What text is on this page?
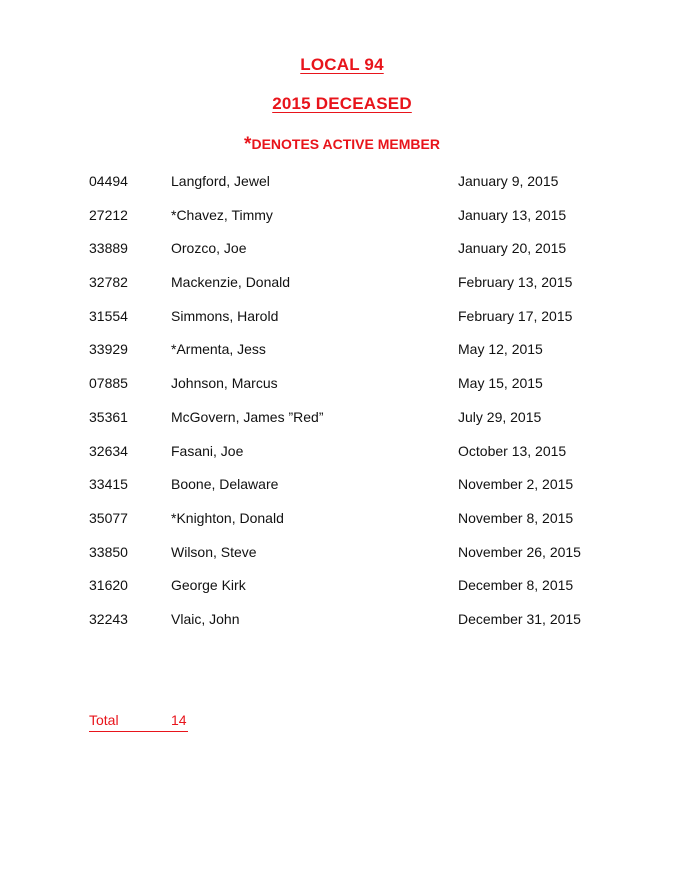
LOCAL 94
2015 DECEASED
*DENOTES ACTIVE MEMBER
04494	Langford, Jewel	January 9, 2015
27212	*Chavez, Timmy	January 13, 2015
33889	Orozco, Joe	January 20, 2015
32782	Mackenzie, Donald	February 13, 2015
31554	Simmons, Harold	February 17, 2015
33929	*Armenta, Jess	May 12, 2015
07885	Johnson, Marcus	May 15, 2015
35361	McGovern, James ”Red”	July 29, 2015
32634	Fasani, Joe	October 13, 2015
33415	Boone, Delaware	November 2, 2015
35077	*Knighton, Donald	November 8, 2015
33850	Wilson, Steve	November 26, 2015
31620	George Kirk	December 8, 2015
32243	Vlaic, John	December 31, 2015
Total	14
